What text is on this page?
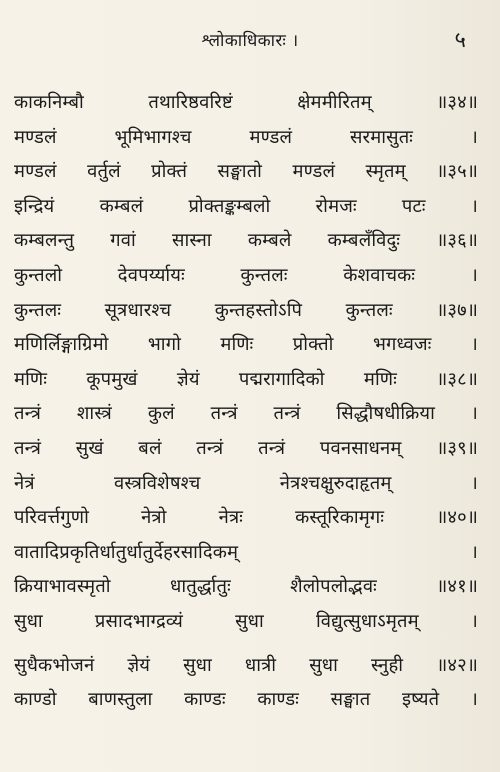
श्लोकाधिकारः ।	५
काकनिम्बौ तथारिष्ठवरिष्टं क्षेममीरितम् ॥३४॥
मण्डलं भूमिभागश्च मण्डलं सरमासुतः ।
मण्डलं वर्तुलं प्रोक्तं सङ्घातो मण्डलं स्मृतम् ॥३५॥
इन्द्रियं कम्बलं प्रोक्तङ्कम्बलो रोमजः पटः ।
कम्बलन्तु गवां सास्ना कम्बले कम्बलँविदुः ॥३६॥
कुन्तलो देवपर्य्यायः कुन्तलः केशवाचकः ।
कुन्तलः सूत्रधारश्च कुन्तहस्तोऽपि कुन्तलः ॥३७॥
मणिर्लिङ्गाग्रिमो भागो मणिः प्रोक्तो भगध्वजः ।
मणिः कूपमुखं ज्ञेयं पद्मरागादिको मणिः ॥३८॥
तन्त्रं शास्त्रं कुलं तन्त्रं तन्त्रं सिद्धौषधीक्रिया ।
तन्त्रं सुखं बलं तन्त्रं तन्त्रं पवनसाधनम् ॥३९॥
नेत्रं वस्त्रविशेषश्च नेत्रश्चक्षुरुदाहृतम् ।
परिवर्त्तगुणो नेत्रो नेत्रः कस्तूरिकामृगः ॥४०॥
वातादिप्रकृतिर्धातुर्धातुर्देहरसादिकम् ।
क्रियाभावस्मृतो धातुर्द्धातुः शैलोपलोद्भवः ॥४१॥
सुधा प्रसादभाग्द्रव्यं सुधा विद्युत्सुधाऽमृतम् ।
सुधैकभोजनं ज्ञेयं सुधा धात्री सुधा स्नुही ॥४२॥
काण्डो बाणस्तुला काण्डः काण्डः सङ्घात इष्यते ।
